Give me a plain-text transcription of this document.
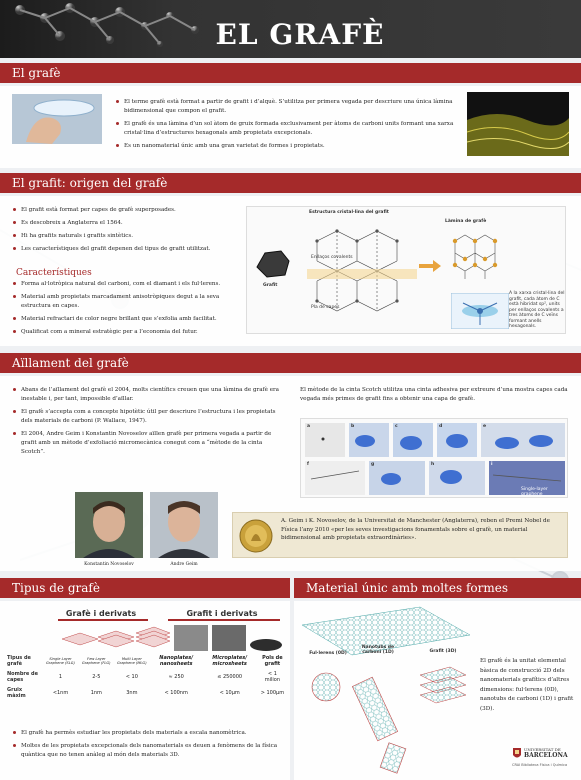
EL GRAFÈ
El grafè
El terme grafè està format a partir de grafit i d’alquè. S’utilitza per primera vegada per descriure una única làmina bidimensional que compon el grafit.
El grafè és una làmina d’un sol àtom de gruix formada exclusivament per àtoms de carboni units formant una xarxa cristal·lina d’estructures hexagonals amb propietats excepcionals.
Es un nanomaterial únic amb una gran varietat de formes i propietats.
El grafit: origen del grafè
El grafit està format per capes de grafè superposades.
Es descobreix a Anglaterra el 1564.
Hi ha grafits naturals i grafits sintètics.
Les característiques del grafit depenen del tipus de grafit utilitzat.
Característiques
Forma al·lotròpica natural del carboni, com el diamant i els ful·lerens.
Material amb propietats marcadament anisotròpiques degut a la seva estructura en capes.
Material refractari de color negre brillant que s’exfolia amb facilitat.
Qualificat com a mineral estratègic per a l’economia del futur.
Estructura cristal·lina del grafit
Làmina de grafè
Grafit
Enllaços covalents
Pla de capes
A la xarxa cristal·lina del grafit, cada àtom de C està hibridat sp², units per enllaços covalents a tres àtoms de C veïns formant anells hexagonals.
Aïllament del grafè
Abans de l’aïllament del grafè el 2004, molts científics creuen que una làmina de grafè era inestable i, per tant, impossible d’aïllar.
El grafè s’accepta com a concepte hipotètic útil per descriure l’estructura i les propietats dels materials de carboni (P. Wallace, 1947).
El 2004, Andre Geim i Konstantin Novoselov aïllen grafè per primera vegada a partir de grafit amb un mètode d’exfoliació micromecànica conegut com a “mètode de la cinta Scotch”.
El mètode de la cinta Scotch utilitza una cinta adhesiva per extreure d’una mostra capes cada vegada més primes de grafit fins a obtenir una capa de grafè.
a	b	c	d	e
f	g	h	i
Single-layer graphene
Konstantin Novoselov	Andre Geim
A. Geim i K. Novoselov, de la Universitat de Manchester (Anglaterra), reben el Premi Nobel de Física l’any 2010 «per les seves investigacions fonamentals sobre el grafè, un material bidimensional amb propietats extraordinàries».
Tipus de grafè
Grafè i derivats	Grafit i derivats
Tipus de grafè	Single Layer Graphene (SLG)	Few Layer Graphene (FLG)	Multi Layer Graphene (MLG)	Nanoplates/ nanosheets	Microplates/ microsheets	Pols de grafit
Nombre de capes	1	2-5	< 10	≈ 250	≤ 250000	< 1 milion
Gruix màxim	<1nm	1nm	3nm	< 100nm	< 10µm	> 100µm
El grafè ha permès estudiar les propietats dels materials a escala nanomètrica.
Moltes de les propietats excepcionals dels nanomaterials es deuen a fenòmens de la física quàntica que no tenen anàleg al món dels materials 3D.
Material únic amb moltes formes
Ful·lerens (0D)
Nanotubs de carboni (1D)	Grafit (3D)
El grafè és la unitat elemental bàsica de construcció 2D dels nanomaterials grafítics d’altres dimensions: ful·lerens (0D), nanotubs de carboni (1D) i grafit (3D).
UNIVERSITAT DE
BARCELONA
CRAI Biblioteca Física i Química
